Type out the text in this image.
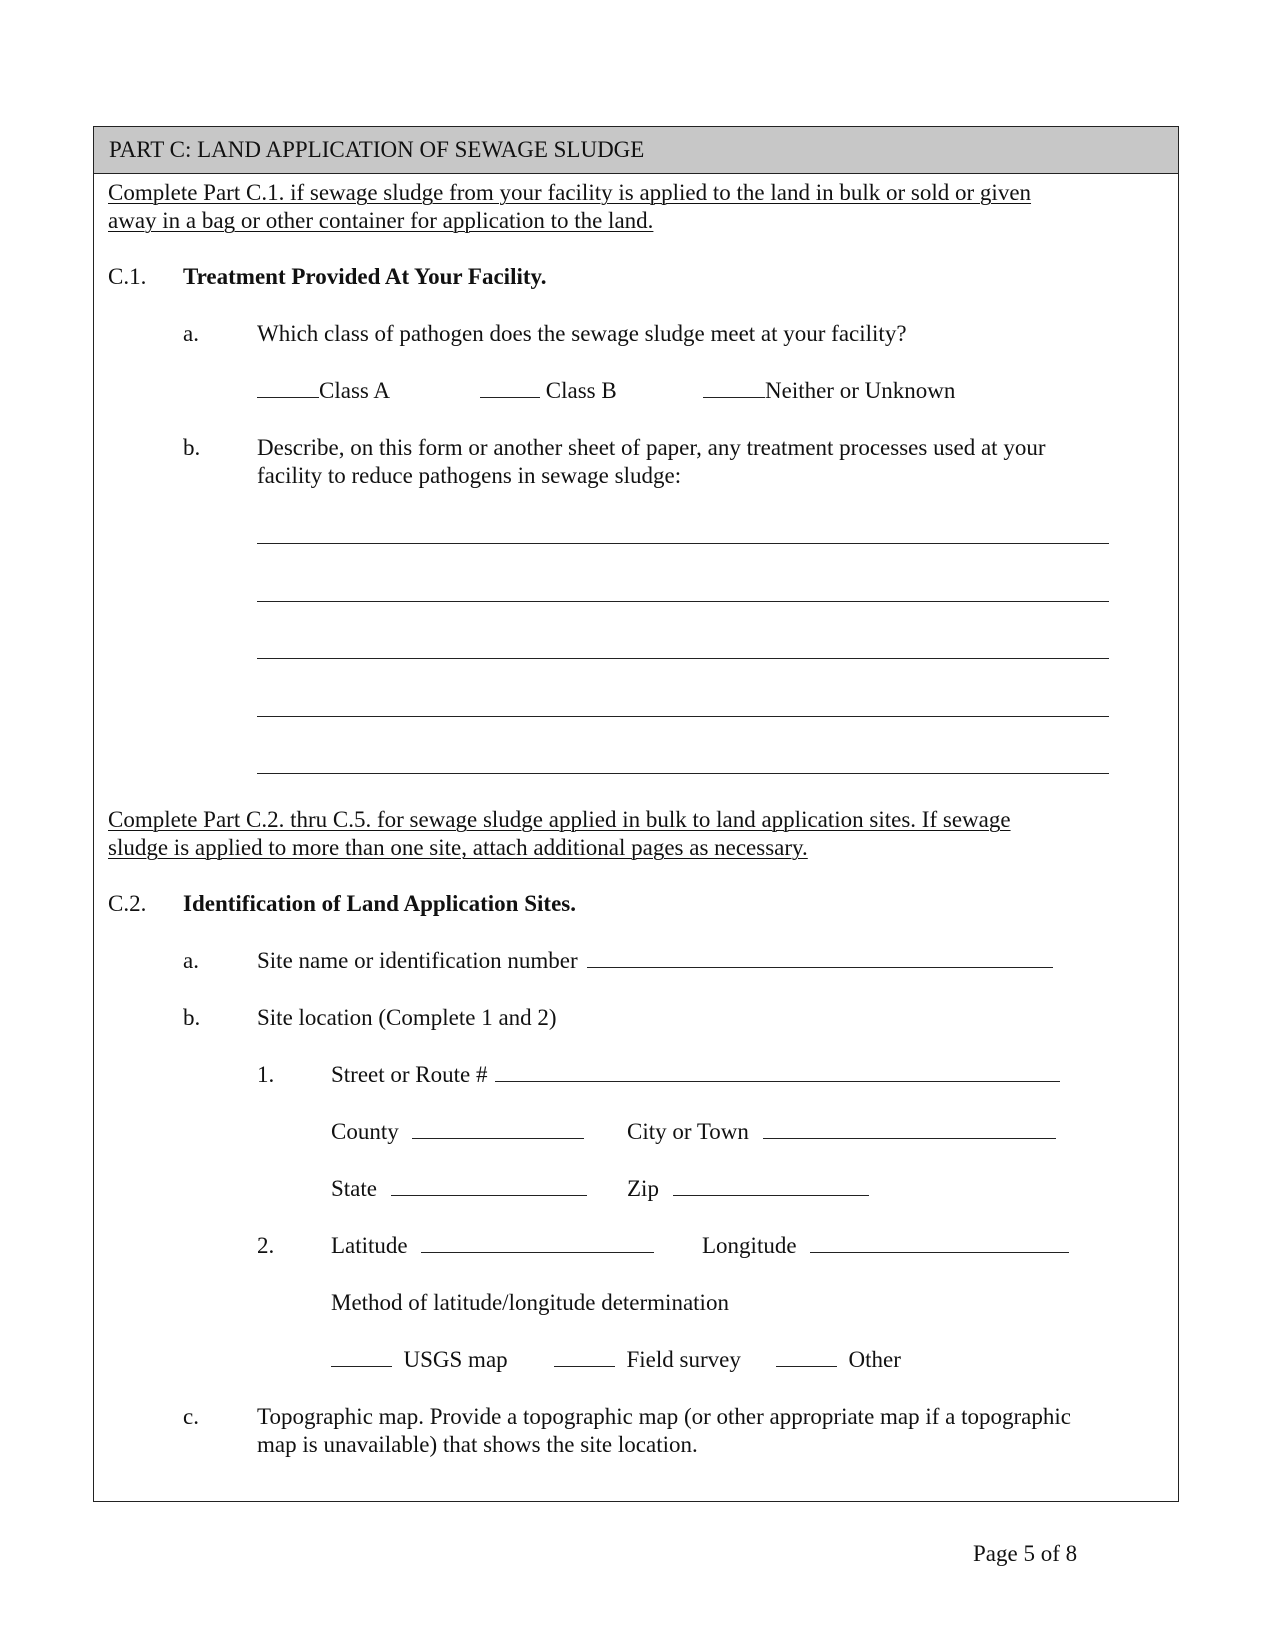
PART C: LAND APPLICATION OF SEWAGE SLUDGE
Complete Part C.1. if sewage sludge from your facility is applied to the land in bulk or sold or given
away in a bag or other container for application to the land.
C.1. Treatment Provided At Your Facility.
a.	Which class of pathogen does the sewage sludge meet at your facility?
Class A	Class B	Neither or Unknown
b. Describe, on this form or another sheet of paper, any treatment processes used at your
facility to reduce pathogens in sewage sludge:
Complete Part C.2. thru C.5. for sewage sludge applied in bulk to land application sites. If sewage
sludge is applied to more than one site, attach additional pages as necessary.
C.2. Identification of Land Application Sites.
a.	Site name or identification number
b. Site location (Complete 1 and 2)
1. Street or Route #
County	City or Town
State	Zip
2. Latitude	Longitude
Method of latitude/longitude determination
USGS map	Field survey	Other
c.	Topographic map. Provide a topographic map (or other appropriate map if a topographic
map is unavailable) that shows the site location.
Page 5 of 8
